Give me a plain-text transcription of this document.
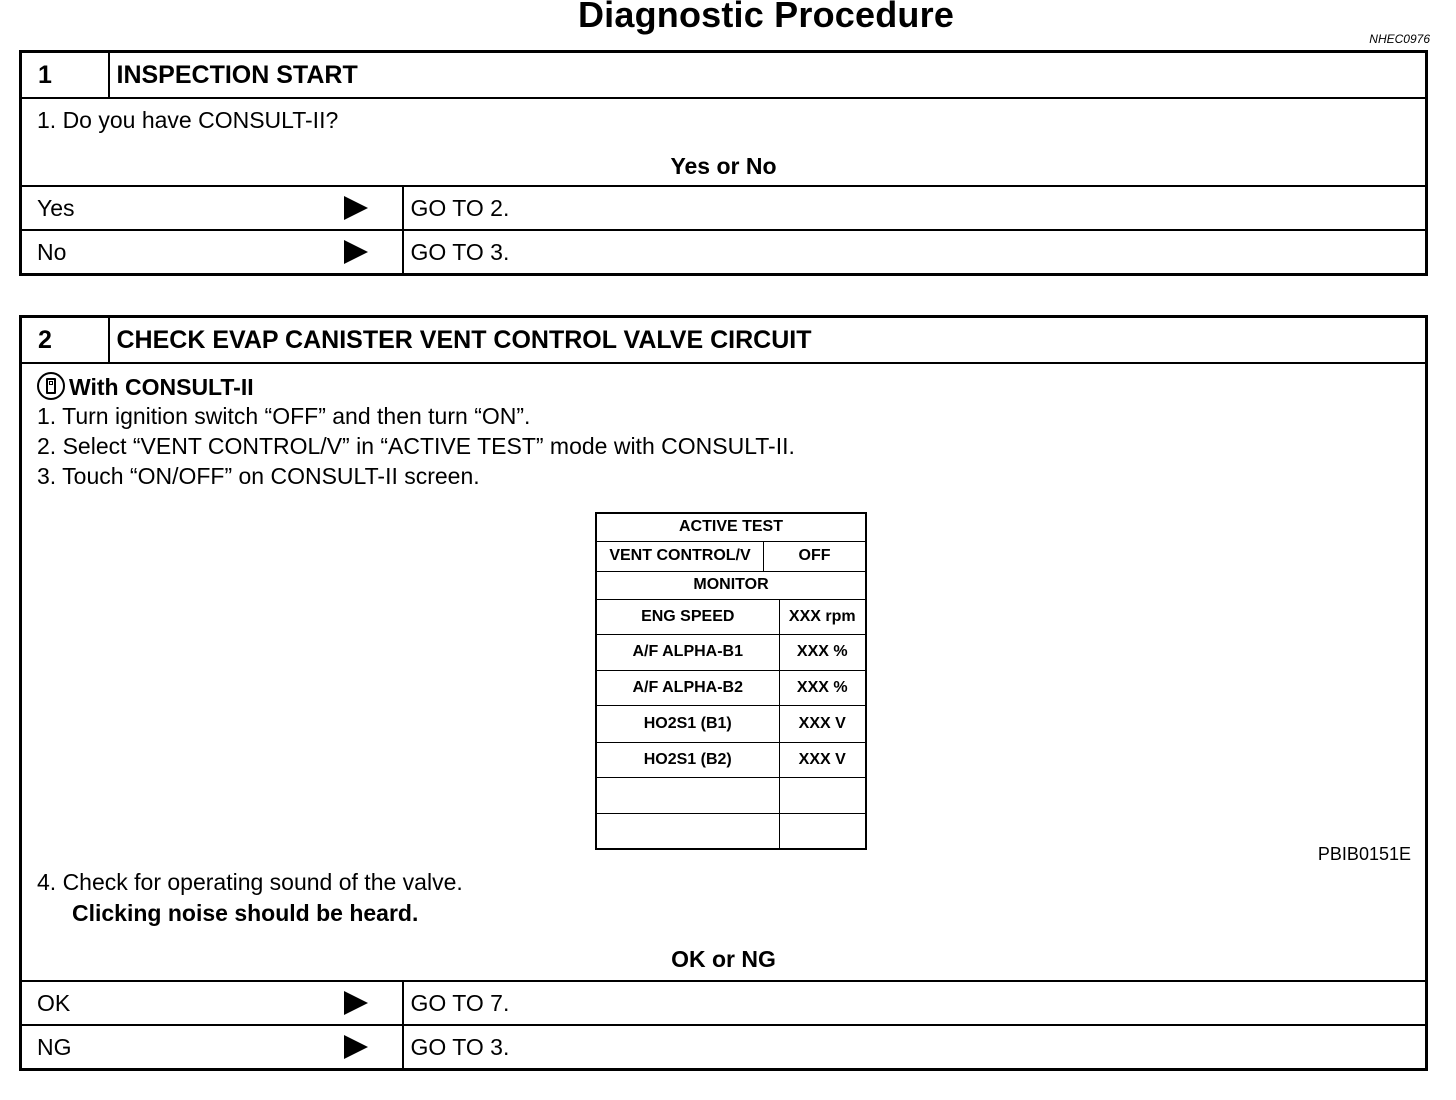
Diagnostic Procedure
NHEC0976
1	INSPECTION START	

1. Do you have CONSULT-II?
Yes or No		

Yes		GO TO 2.
No		GO TO 3.
2	CHECK EVAP CANISTER VENT CONTROL VALVE CIRCUIT

With CONSULT-II
1. Turn ignition switch “OFF” and then turn “ON”.
2. Select “VENT CONTROL/V” in “ACTIVE TEST” mode with CONSULT-II.
3. Touch “ON/OFF” on CONSULT-II screen.
ACTIVE TEST

VENT CONTROL/V	OFF

MONITOR
ENG SPEED	XXX rpm
A/F ALPHA-B1	XXX %
A/F ALPHA-B2	XXX %
HO2S1 (B1)	XXX V
HO2S1 (B2)	XXX V

PBIB0151E
4. Check for operating sound of the valve.
Clicking noise should be heard.
OK or NG

OK	GO TO 7.
NG	GO TO 3.
